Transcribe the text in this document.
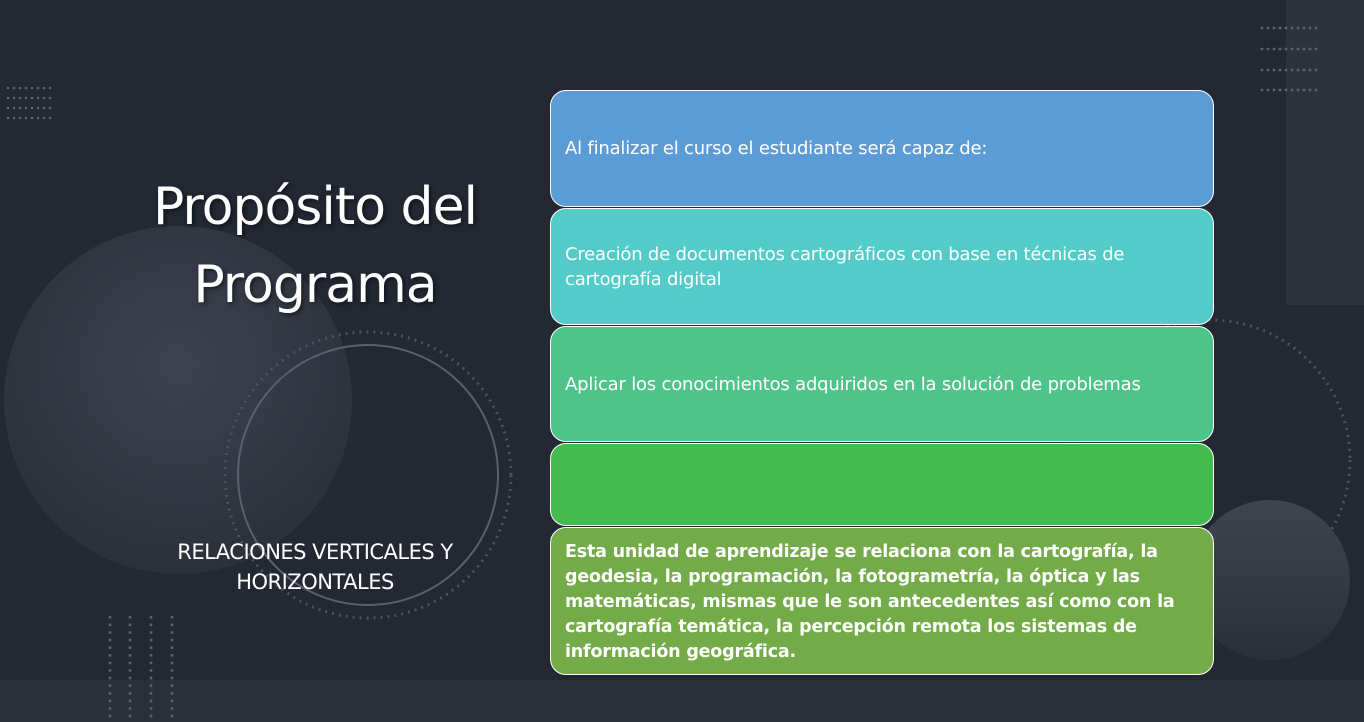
Propósito del Programa

RELACIONES VERTICALES Y HORIZONTALES

Al finalizar el curso el estudiante será capaz de:
Creación de documentos cartográficos con base en técnicas de cartografía digital
Aplicar los conocimientos adquiridos en la solución de problemas
Esta unidad de aprendizaje se relaciona con la cartografía, la geodesia, la programación, la fotogrametría, la óptica y las matemáticas, mismas que le son antecedentes así como con la cartografía temática, la percepción remota los sistemas de información geográfica.
